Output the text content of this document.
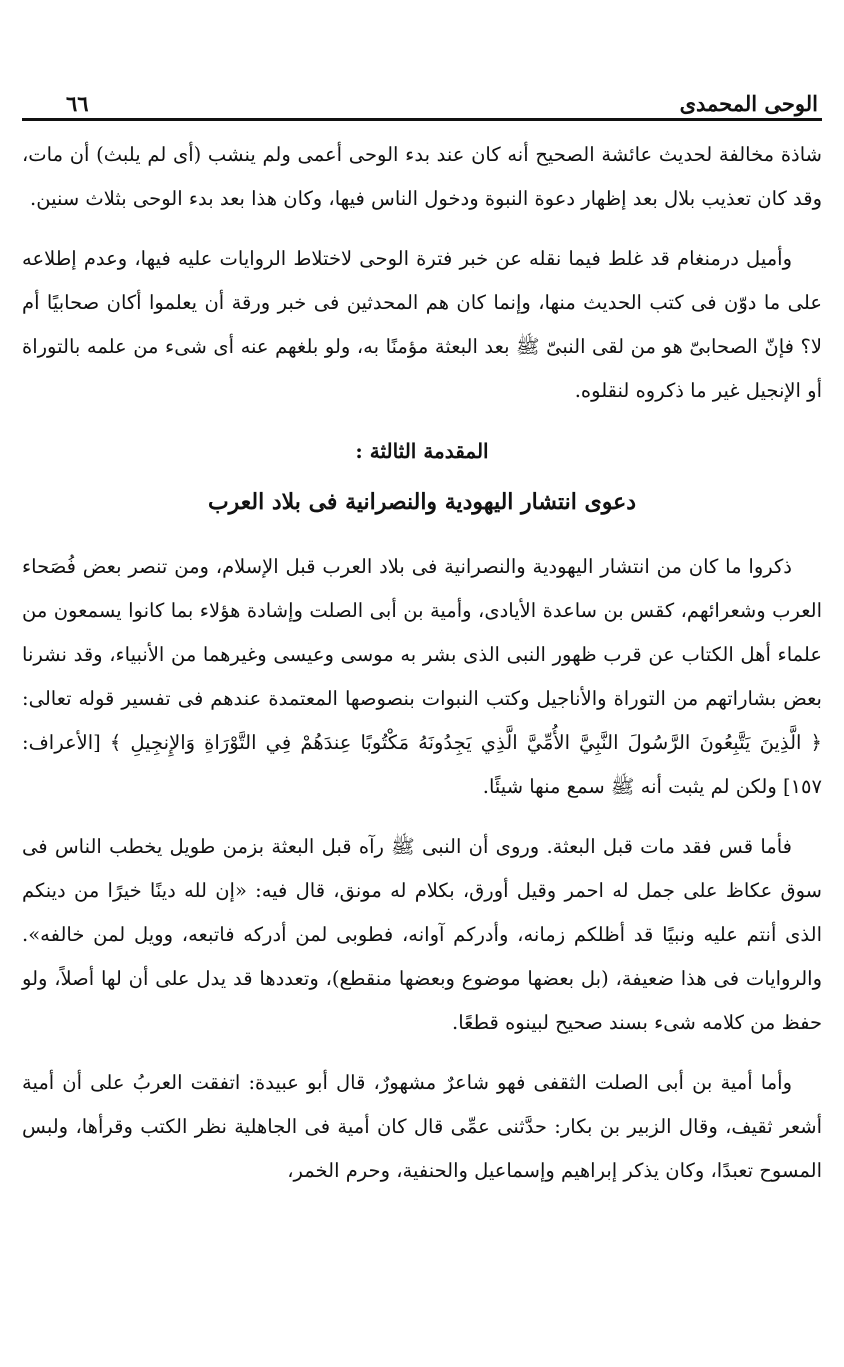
الوحى المحمدى
٦٦

شاذة مخالفة لحديث عائشة الصحيح أنه كان عند بدء الوحى أعمى ولم ينشب (أى لم يلبث) أن مات، وقد كان تعذيب بلال بعد إظهار دعوة النبوة ودخول الناس فيها، وكان هذا بعد بدء الوحى بثلاث سنين.

وأميل درمنغام قد غلط فيما نقله عن خبر فترة الوحى لاختلاط الروايات عليه فيها، وعدم إطلاعه على ما دوّن فى كتب الحديث منها، وإنما كان هم المحدثين فى خبر ورقة أن يعلموا أكان صحابيًا أم لا؟ فإنّ الصحابىّ هو من لقى النبىّ ﷺ بعد البعثة مؤمنًا به، ولو بلغهم عنه أى شىء من علمه بالتوراة أو الإنجيل غير ما ذكروه لنقلوه.

المقدمة الثالثة :
دعوى انتشار اليهودية والنصرانية فى بلاد العرب

ذكروا ما كان من انتشار اليهودية والنصرانية فى بلاد العرب قبل الإسلام، ومن تنصر بعض فُصَحاء العرب وشعرائهم، كقس بن ساعدة الأيادى، وأمية بن أبى الصلت وإشادة هؤلاء بما كانوا يسمعون من علماء أهل الكتاب عن قرب ظهور النبى الذى بشر به موسى وعيسى وغيرهما من الأنبياء، وقد نشرنا بعض بشاراتهم من التوراة والأناجيل وكتب النبوات بنصوصها المعتمدة عندهم فى تفسير قوله تعالى: ﴿ الَّذِينَ يَتَّبِعُونَ الرَّسُولَ النَّبِيَّ الأُمِّيَّ الَّذِي يَجِدُونَهُ مَكْتُوبًا عِندَهُمْ فِي التَّوْرَاةِ وَالإِنجِيلِ ﴾ [الأعراف: ١٥٧] ولكن لم يثبت أنه ﷺ سمع منها شيئًا.

فأما قس فقد مات قبل البعثة. وروى أن النبى ﷺ رآه قبل البعثة بزمن طويل يخطب الناس فى سوق عكاظ على جمل له احمر وقيل أورق، بكلام له مونق، قال فيه: «إن لله دينًا خيرًا من دينكم الذى أنتم عليه ونبيًا قد أظلكم زمانه، وأدركم آوانه، فطوبى لمن أدركه فاتبعه، وويل لمن خالفه». والروايات فى هذا ضعيفة، (بل بعضها موضوع وبعضها منقطع)، وتعددها قد يدل على أن لها أصلاً، ولو حفظ من كلامه شىء بسند صحيح لبينوه قطعًا.

وأما أمية بن أبى الصلت الثقفى فهو شاعرٌ مشهورٌ، قال أبو عبيدة: اتفقت العربُ على أن أمية أشعر ثقيف، وقال الزبير بن بكار: حدَّثنى عمِّى قال كان أمية فى الجاهلية نظر الكتب وقرأها، ولبس المسوح تعبدًا، وكان يذكر إبراهيم وإسماعيل والحنفية، وحرم الخمر،
